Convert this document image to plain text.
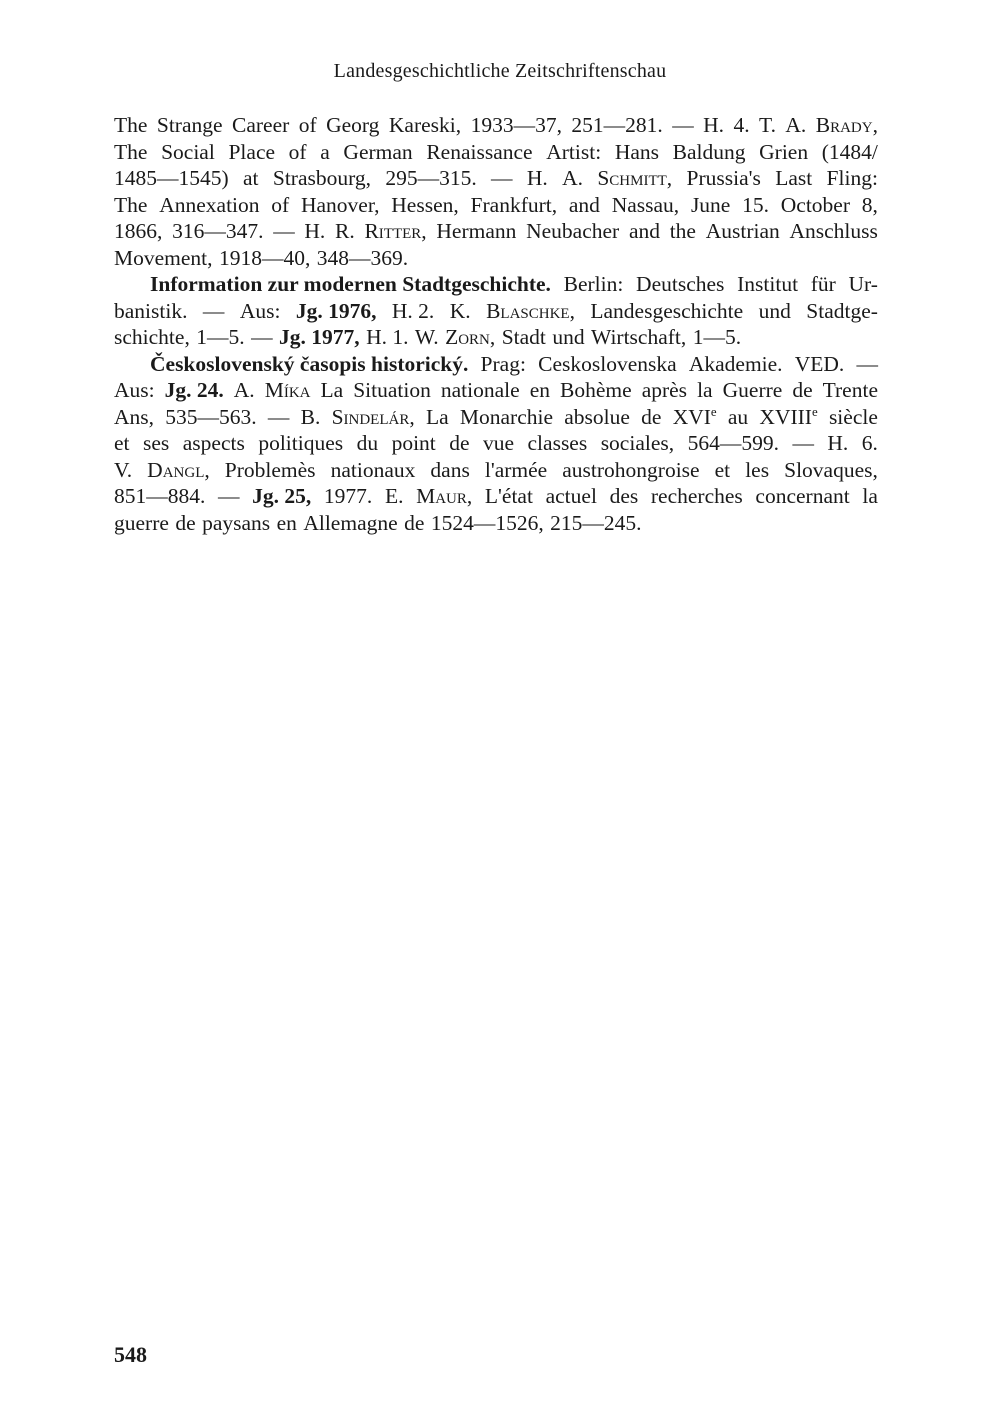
Landesgeschichtliche Zeitschriftenschau
The Strange Career of Georg Kareski, 1933—37, 251—281. — H. 4. T. A. Brady,
The Social Place of a German Renaissance Artist: Hans Baldung Grien (1484/
1485—1545) at Strasbourg, 295—315. — H. A. Schmitt, Prussia's Last Fling:
The Annexation of Hanover, Hessen, Frankfurt, and Nassau, June 15. October 8,
1866, 316—347. — H. R. Ritter, Hermann Neubacher and the Austrian Anschluss
Movement, 1918—40, 348—369.
Information zur modernen Stadtgeschichte. Berlin: Deutsches Institut für Ur-
banistik. — Aus: Jg. 1976, H. 2. K. Blaschke, Landesgeschichte und Stadtge-
schichte, 1—5. — Jg. 1977, H. 1. W. Zorn, Stadt und Wirtschaft, 1—5.
Československý časopis historický. Prag: Ceskoslovenska Akademie. VED. —
Aus: Jg. 24. A. Míka La Situation nationale en Bohème après la Guerre de Trente
Ans, 535—563. — B. Sindelár, La Monarchie absolue de XVIe au XVIIIe siècle
et ses aspects politiques du point de vue classes sociales, 564—599. — H. 6.
V. Dangl, Problemès nationaux dans l'armée austrohongroise et les Slovaques,
851—884. — Jg. 25, 1977. E. Maur, L'état actuel des recherches concernant la
guerre de paysans en Allemagne de 1524—1526, 215—245.
548
